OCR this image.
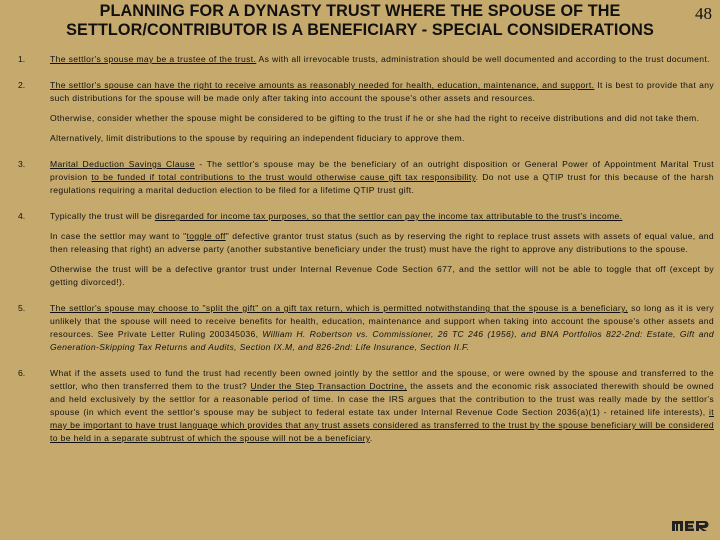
PLANNING FOR A DYNASTY TRUST WHERE THE SPOUSE OF THE
SETTLOR/CONTRIBUTOR IS A BENEFICIARY - SPECIAL CONSIDERATIONS
48
1.	The settlor's spouse may be a trustee of the trust. As with all irrevocable trusts, administration should be well documented and according to the trust document.

2.	The settlor's spouse can have the right to receive amounts as reasonably needed for health, education, maintenance, and support. It is best to provide that any such distributions for the spouse will be made only after taking into account the spouse's other assets and resources.

Otherwise, consider whether the spouse might be considered to be gifting to the trust if he or she had the right to receive distributions and did not take them.

Alternatively, limit distributions to the spouse by requiring an independent fiduciary to approve them.

3.	Marital Deduction Savings Clause - The settlor's spouse may be the beneficiary of an outright disposition or General Power of Appointment Marital Trust provision to be funded if total contributions to the trust would otherwise cause gift tax responsibility. Do not use a QTIP trust for this because of the harsh regulations requiring a marital deduction election to be filed for a lifetime QTIP trust gift.

4.	Typically the trust will be disregarded for income tax purposes, so that the settlor can pay the income tax attributable to the trust's income.

In case the settlor may want to "toggle off" defective grantor trust status (such as by reserving the right to replace trust assets with assets of equal value, and then releasing that right) an adverse party (another substantive beneficiary under the trust) must have the right to approve any distributions to the spouse.

Otherwise the trust will be a defective grantor trust under Internal Revenue Code Section 677, and the settlor will not be able to toggle that off (except by getting divorced!).

5.	The settlor's spouse may choose to "split the gift" on a gift tax return, which is permitted notwithstanding that the spouse is a beneficiary, so long as it is very unlikely that the spouse will need to receive benefits for health, education, maintenance and support when taking into account the spouse's other assets and resources. See Private Letter Ruling 200345036, William H. Robertson vs. Commissioner, 26 TC 246 (1956), and BNA Portfolios 822-2nd: Estate, Gift and Generation-Skipping Tax Returns and Audits, Section IX.M, and 826-2nd: Life Insurance, Section II.F.

6.	What if the assets used to fund the trust had recently been owned jointly by the settlor and the spouse, or were owned by the spouse and transferred to the settlor, who then transferred them to the trust? Under the Step Transaction Doctrine, the assets and the economic risk associated therewith should be owned and held exclusively by the settlor for a reasonable period of time. In case the IRS argues that the contribution to the trust was really made by the settlor's spouse (in which event the settlor's spouse may be subject to federal estate tax under Internal Revenue Code Section 2036(a)(1) - retained life interests), it may be important to have trust language which provides that any trust assets considered as transferred to the trust by the spouse beneficiary will be considered to be held in a separate subtrust of which the spouse will not be a beneficiary.
